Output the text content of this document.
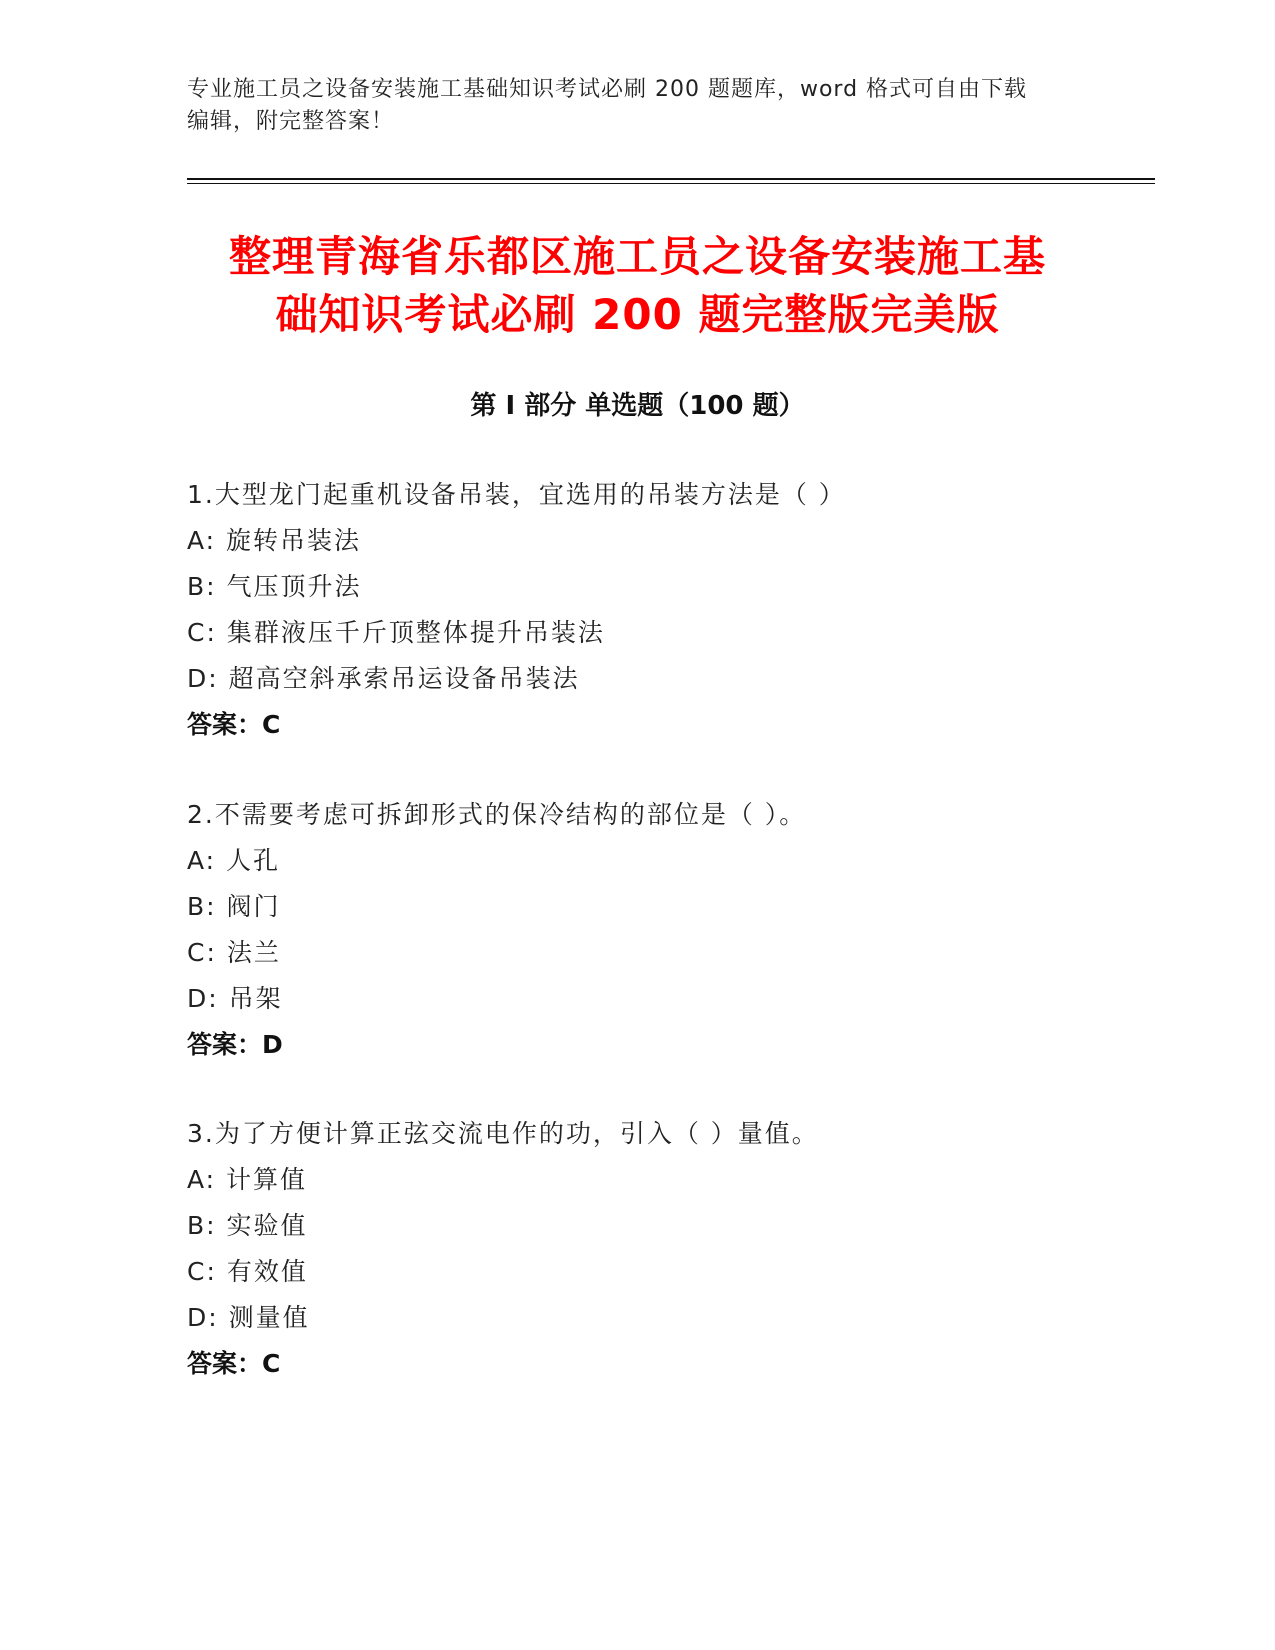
专业施工员之设备安装施工基础知识考试必刷 200 题题库，word 格式可自由下载
编辑，附完整答案！
整理青海省乐都区施工员之设备安装施工基
础知识考试必刷 200 题完整版完美版
第 I 部分 单选题（100 题）
1.大型龙门起重机设备吊装，宜选用的吊装方法是（ ）
A: 旋转吊装法
B: 气压顶升法
C: 集群液压千斤顶整体提升吊装法
D: 超高空斜承索吊运设备吊装法
答案：C
2.不需要考虑可拆卸形式的保冷结构的部位是（ ）。
A: 人孔
B: 阀门
C: 法兰
D: 吊架
答案：D
3.为了方便计算正弦交流电作的功，引入（ ）量值。
A: 计算值
B: 实验值
C: 有效值
D: 测量值
答案：C
